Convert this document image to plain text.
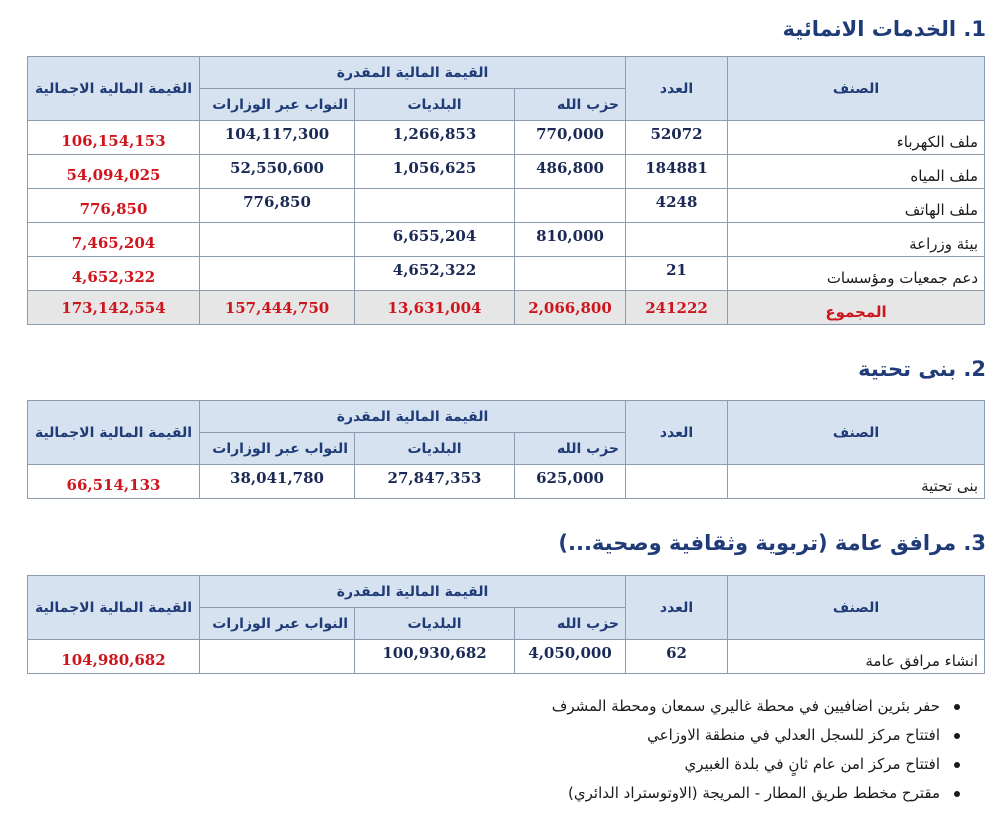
1. الخدمات الانمائية
الصنف	العدد	القيمة المالية المقدرة			القيمة المالية الاجمالية
		حزب الله	البلديات	النواب عبر الوزارات	
ملف الكهرباء	52072	770,000	1,266,853	104,117,300	106,154,153
ملف المياه	184881	486,800	1,056,625	52,550,600	54,094,025
ملف الهاتف	4248			776,850	776,850
بيئة وزراعة		810,000	6,655,204		7,465,204
دعم جمعيات ومؤسسات	21		4,652,322		4,652,322
المجموع	241222	2,066,800	13,631,004	157,444,750	173,142,554
2. بنى تحتية
الصنف	العدد	القيمة المالية المقدرة			القيمة المالية الاجمالية
		حزب الله	البلديات	النواب عبر الوزارات	
بنى تحتية		625,000	27,847,353	38,041,780	66,514,133
3. مرافق عامة (تربوية وثقافية وصحية...)
الصنف	العدد	القيمة المالية المقدرة			القيمة المالية الاجمالية
		حزب الله	البلديات	النواب عبر الوزارات	
انشاء مرافق عامة	62	4,050,000	100,930,682		104,980,682
حفر بئرين اضافيين في محطة غاليري سمعان ومحطة المشرف
افتتاح مركز للسجل العدلي في منطقة الاوزاعي
افتتاح مركز امن عام ثانٍ في بلدة الغبيري
مقترح مخطط طريق المطار - المريجة (الاوتوستراد الدائري)
